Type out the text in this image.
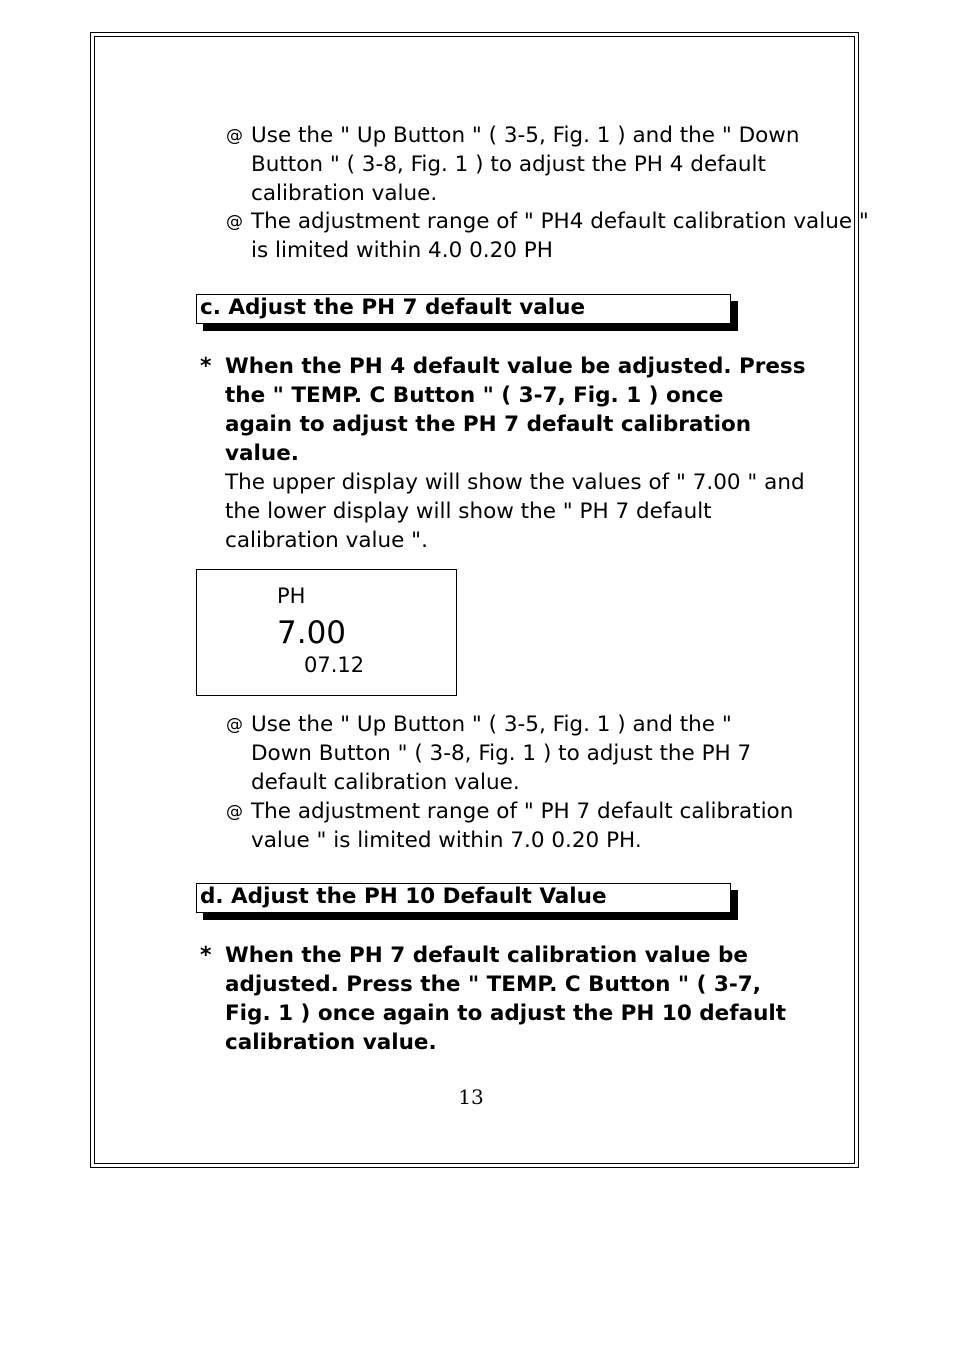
@ Use the " Up Button " ( 3-5, Fig. 1 ) and the " Down
Button " ( 3-8, Fig. 1 ) to adjust the PH 4 default
calibration value.
@ The adjustment range of " PH4 default calibration value "
is limited within 4.0 0.20 PH
c. Adjust the PH 7 default value
* When the PH 4 default value be adjusted. Press
the " TEMP. C Button " ( 3-7, Fig. 1 ) once
again to adjust the PH 7 default calibration
value.
The upper display will show the values of " 7.00 " and
the lower display will show the " PH 7 default
calibration value ".
PH
7.00
07.12
@ Use the " Up Button " ( 3-5, Fig. 1 ) and the "
Down Button " ( 3-8, Fig. 1 ) to adjust the PH 7
default calibration value.
@ The adjustment range of " PH 7 default calibration
value " is limited within 7.0 0.20 PH.
d. Adjust the PH 10 Default Value
* When the PH 7 default calibration value be
adjusted. Press the " TEMP. C Button " ( 3-7,
Fig. 1 ) once again to adjust the PH 10 default
calibration value.
13
